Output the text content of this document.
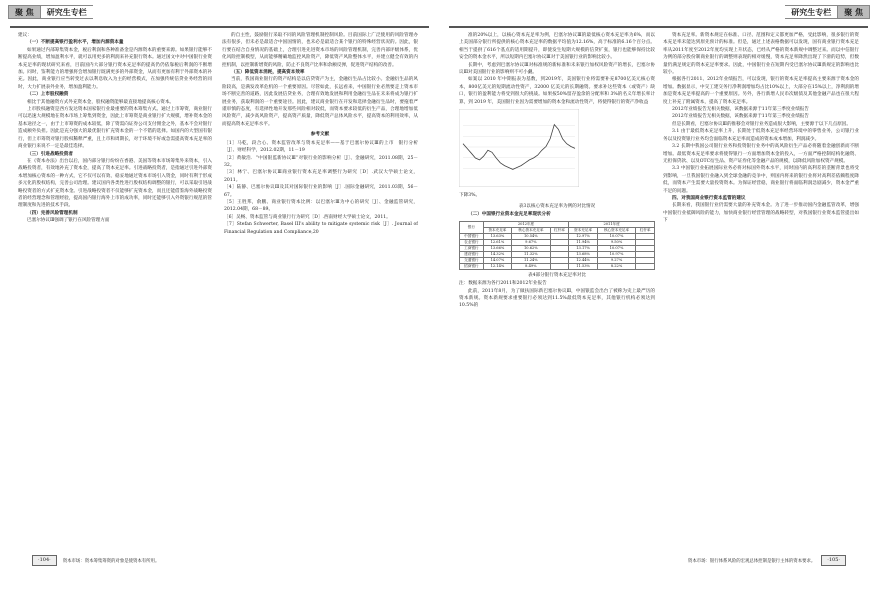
聚 焦	研究生专栏

建议：

（一）不断提高银行盈利水平，增加内源资本量

如果通过内部筹集资本金，税后利润和各种准备金是内源资本的重要来源。如果银行能够不断提高业绩，增加盈利水平，就可以用更多的利润来补充银行资本。通过国文中对中国银行业资本充足率的现状研究来看，目前国内大部分银行资本充足率的提高仍仍依靠税后利润的不断增加。同时，鉴利能力的增强将会增加银行既满更多的外部资金，从而有更加有利于外部资本的补充。因此，商业银行应当转变过去以利息收入为主的经营模式，在加强传统信贷业务经营的同时，大力扩展表外业务，增加盈利能力。

（二）上市股权融资

相比于其他融资方式外充资本金，股权融资能够最直接地提高核心资本。

上市股权融资是西方发达资本国家银行业最重要的资本筹集方式。通过上市筹资，商业银行可以迅速大规模地在资本市场上筹集到资金，因此上市筹资是商业银行扩大规模，增补资本金的基本途径之一，由于上市筹资的成本较低，除了资需向证券公司支付佣金之外，基本不会对银行造成额外负担。因此是充分强大的最优银行扩充资本金的一个不错的选择。如国内的大型国有银行，但上市筹资对银行股权稀释严重，且上市和周期长，对于环境不好或急需提高资本充足率的商业银行来说不一定是最佳选择。

（三）引进战略投资者

在《资本办法》出台以后，国内部分银行纷纷在香港、美国等资本市场筹集外来资本，引入战略投资者，有效地补充了资本金，提高了资本充足率。引进战略投资者，是指通过引进外部资本增加核心资本的一种方式，它不仅可以有效、稳妥地通过资本市场引入资金，同时有利于形成多元化的股权结构，完善公司治理。建议国内各类性进行股权结构调整的银行，可以采取引进战略投资者的方式扩充资本金。引进战略投资者不仅能够扩充资本金，而且还能借鉴海外战略投资者的经营理念和管理经验，提高国内银行海外上市的成功率，同时还能够引入外资银行规范的管理制度和先进的技术手段。

（四）完善风险管理机制

巴塞尔协议Ⅲ强调了银行在风险管理方面

的自主性，鼓励银行采取不同的风险管理机制控制风险。目前国际上广泛使用的风险管理办法有很多，但未必是最适合中国国情的，也未必是最适合某个银行的特殊经营状况的。因此，银行要在结合自身情况的基础上，合理引进先进资本市场的风险管理机制，完善内部评级体系，优化风险控制模型，从而能够精确地监控风险资产，降低资产风险整体水平，并建立健全有效的内控机制，以控制新增资的风险，防止不良资产比率和余额反弹，促进资产结构的改善。

（五）降低资本消耗，提高资本效率

当前，我国商业银行的资产结构是以信贷资产为主，金融衍生品占比较小。金融衍生品的风险较高，是满发改革危机的一个重要原因。尽管如此，长远看来，中国银行业必然要走上资本市场不断完善的道路，因此发展信贷业务，合理有效地发展和利用金融衍生品在未来将成为银行扩展业务，获取利润的一个重要途径。因此，建议商业银行在开发和选择金融衍生品时，要拖着严谨审慎的态度，有选择性地开发那些风险相对较低，而资本要求较低的衍生产品，合理地增加低风险资产，减少高风险资产，提高资产质量，降低资产总体风险水平，提高资本的利用效率，从而提高资本充足率水平。

参考文献

［1］马乾，段合心、资本监管改革与资本充足率——基于巴塞尔协议Ⅲ的上市　银行分析［J］、财经科学，2012.02期，11－19

［2］黄敏浩．“中国银监新协议Ⅲ”对银行业的影响分析［J］、金融研究，2011.08期，25－32。

［3］林宁、巴塞尔协议Ⅲ商业银行资本充足率调整行为研究［D］.武汉大学硕士论文，2011。

［4］陆静、巴塞尔协议Ⅲ及其对国际银行业的影响［J］.国际金融研究，2011.03期，56－67。

［5］王胜邦，俞鹏、商业银行资本比例：以巴塞尔Ⅲ为中心的研究［J］、金融监管研究，2012.04期，68－89。

［6］吴畅、资本监管与商业银行行为研究［D］.西南财经大学硕士论文，2011。

［7］Stefan Schwerter, Basel III's ability to mitigate systemic risk［J］. Journal of Financial Regulation and Compliance,20

·104·	资本市场：资本筹集筹资的对象是使资本有所用。
研究生专栏	聚 焦

准的20%以上，以核心资本充足率为例，巴塞尔协议Ⅲ的最低核心资本充足率为6%，而以上美国部分银行所提供的核心资本充足率的数据平均值为12.16%，高于标准的6.16个百分点。相当于提供了616个基点的适用期提升，即使发生短期大规模的信贷扩张，银行也能够保持比较安全的资本金水平，所以短期内巴塞尔协议Ⅲ对于美国银行业的影响比较小。

长期中，考虑到巴塞尔协议Ⅲ对标准规的新标准和未来银行加权风险资产的增长，巴塞尔协议Ⅲ对美国银行业的影响则不可小觑。

如案以 2010 年中期报表为基数，到2019年，美国银行业将需要补充8700亿美元核心资本，800亿美元的短期流动性资产，32000 亿美元的长期融资。要求补这些资本（或资产）缺口，银行的盈利能力将受到很大的挑战。如果按50%留存盈余的分配率和 3%的名义年增长率计算，到 2019 年，美国银行业因为需要增加的资本金和流动性资产，将使得银行的资产净收益

下降3%。

表3以核心资本充足率为例的对比情况

（二）中国银行业资本金充足率现状分析

银行	2012年度			2011年度		
	资本充足率	核心资本充足率	杠杆率	资本充足率	核心资本充足率	杠杆率
中国银行	13.63%	10.54%		12.97%	10.07%	
农业银行	12.61%	9.67%		11.94%	9.50%	
工商银行	13.66%	10.62%		13.17%	10.07%	
建设银行	14.32%	11.32%		13.68%	10.97%	
交通银行	14.07%	11.24%		12.44%	9.27%	
招商银行	12.14%	8.49%		11.53%	8.22%	
表4部分银行资本充足率对比

注：数据来源为各行2011和2012年业报告

此前，2011年8月，为了做扶国际新巴塞尔协议Ⅲ，中国银监会出台了被称为史上最严历的资本新规。资本新规要求重要银行必须达到11.5%最低资本充足率，其他银行机构必须达到10.5%的

资本充足率。新资本规定在标准、口径、范围和定义都更加严格，受此影响，很多银行的资本充足率未能达到原先预计的标准。但是，通过上述表格数据可以发现，国有商业银行资本充足率从2011年度至2012年度均实现上升状态，已经从严格的资本新规中调整过来。而以中信银行为例的部分股份制商业银行的调整则表现的相对缓慢，资本充足率降然出现了下滑的趋势，但数量仍满足规定的资本充足率要求。因此，中国银行业在短期内受巴塞尔协议Ⅲ新规定的影响也比较小。

根据各行2011、2012年业绩报告，可以发现，银行的资本充足率提高主要来源于资本金的增加。数据显示，中交工建交务行净利润增加均占比10%以上，大部分在15%以上，净利润的增加是资本充足率提高的一个重要原因。另外，各行新增人民币次级债及其他金融产品也在很大程度上补充了附属资本，提高了资本充足率。

2012年业绩报告无相关数据，该数据来源于11年第三季度业绩报告

2012年业绩报告无相关数据，该数据来源于11年第三季度业绩报告

但是长期看，巴塞尔协议Ⅲ的推移会对银行业务造成很大影响，主要源于以下几点原因。

3.1 由于最低资本充足率上升，长期处于低资本充足率经营环境中的零售业务，公司银行业务以及投资银行业务均会面临资本充足率而造成的资本成本增加，利润减少。

3.2 长期中我国公司银行业务和投资银行业务中的高风险衍生产品必将随着金融创新而不断增加。最低资本充足率要求将使得银行一方面增加资本金的投入，一方面严格控制结构化融资、无担保贷款、以及OTC衍生品、资产证券化等金融产品的规模，以降低风险加权资产规模。

3.3 中国银行业拓展国际业务必将对标国外资本水平，同时国内的高利差的垄断背景也将受到影响，一旦我国银行业融入到全球金融的竞争中，则国内将来的银行业将对高利差依赖程度降低，而资本产生需要大量投资资本。为保证经营稳，商业银行将面临利润急剧减少，资本金严重不足的问题。

四、对我国商业银行资本监管的建议

长期来看，我国银行业仍需要大量的补充资本金。为了进一步推动国内金融监管改革，增强中国银行业抵御风险的能力，加快商业银行经营管理的战略转型，对我国银行业资本监管提出如下

·105·
资本市场：银行体系风险的宏观总体控制是银行主体的资本要求。
